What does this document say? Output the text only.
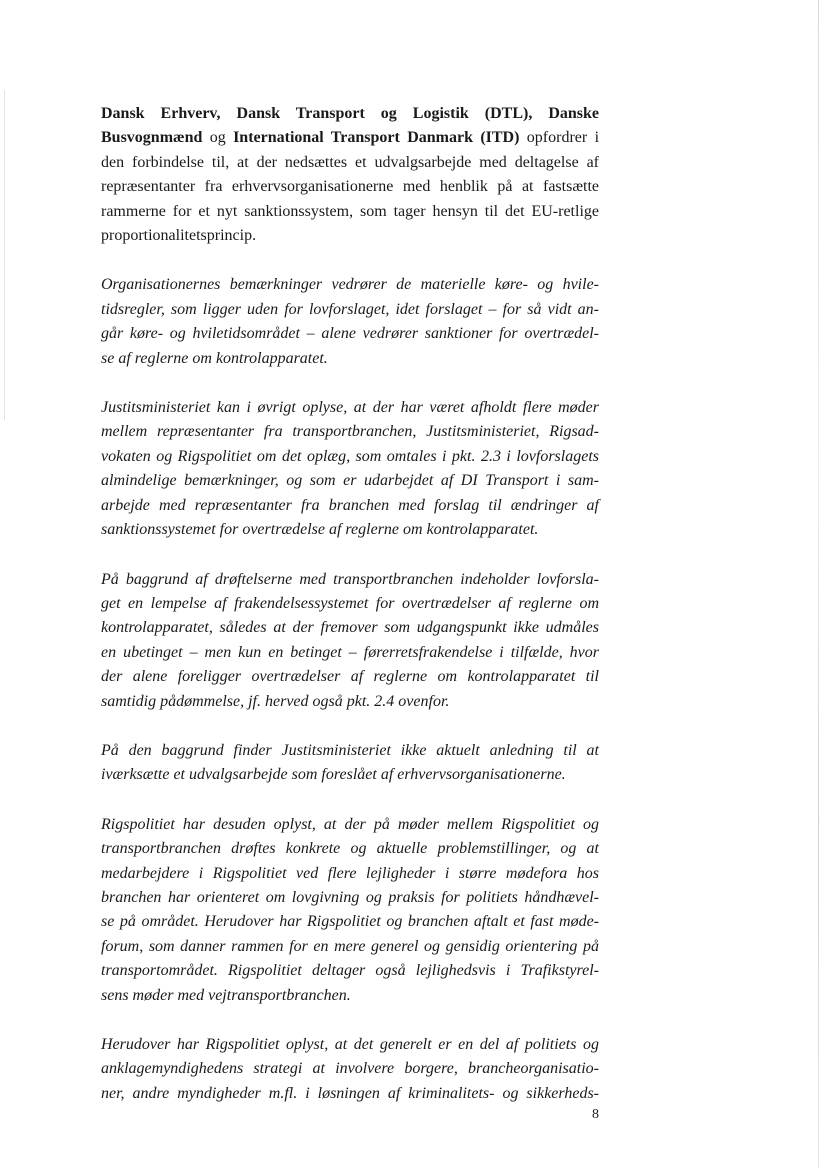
Dansk Erhverv, Dansk Transport og Logistik (DTL), Danske
Busvognmænd og International Transport Danmark (ITD) opfordrer i
den forbindelse til, at der nedsættes et udvalgsarbejde med deltagelse af
repræsentanter fra erhvervsorganisationerne med henblik på at fastsætte
rammerne for et nyt sanktionssystem, som tager hensyn til det EU-retlige
proportionalitetsprincip.

Organisationernes bemærkninger vedrører de materielle køre- og hvile-
tidsregler, som ligger uden for lovforslaget, idet forslaget – for så vidt an-
går køre- og hviletidsområdet – alene vedrører sanktioner for overtrædel-
se af reglerne om kontrolapparatet.

Justitsministeriet kan i øvrigt oplyse, at der har været afholdt flere møder
mellem repræsentanter fra transportbranchen, Justitsministeriet, Rigsad-
vokaten og Rigspolitiet om det oplæg, som omtales i pkt. 2.3 i lovforslagets
almindelige bemærkninger, og som er udarbejdet af DI Transport i sam-
arbejde med repræsentanter fra branchen med forslag til ændringer af
sanktionssystemet for overtrædelse af reglerne om kontrolapparatet.

På baggrund af drøftelserne med transportbranchen indeholder lovforsla-
get en lempelse af frakendelsessystemet for overtrædelser af reglerne om
kontrolapparatet, således at der fremover som udgangspunkt ikke udmåles
en ubetinget – men kun en betinget – førerretsfrakendelse i tilfælde, hvor
der alene foreligger overtrædelser af reglerne om kontrolapparatet til
samtidig pådømmelse, jf. herved også pkt. 2.4 ovenfor.

På den baggrund finder Justitsministeriet ikke aktuelt anledning til at
iværksætte et udvalgsarbejde som foreslået af erhvervsorganisationerne.

Rigspolitiet har desuden oplyst, at der på møder mellem Rigspolitiet og
transportbranchen drøftes konkrete og aktuelle problemstillinger, og at
medarbejdere i Rigspolitiet ved flere lejligheder i større mødefora hos
branchen har orienteret om lovgivning og praksis for politiets håndhævel-
se på området. Herudover har Rigspolitiet og branchen aftalt et fast møde-
forum, som danner rammen for en mere generel og gensidig orientering på
transportområdet. Rigspolitiet deltager også lejlighedsvis i Trafikstyrel-
sens møder med vejtransportbranchen.

Herudover har Rigspolitiet oplyst, at det generelt er en del af politiets og
anklagemyndighedens strategi at involvere borgere, brancheorganisatio-
ner, andre myndigheder m.fl. i løsningen af kriminalitets- og sikkerheds-

8
